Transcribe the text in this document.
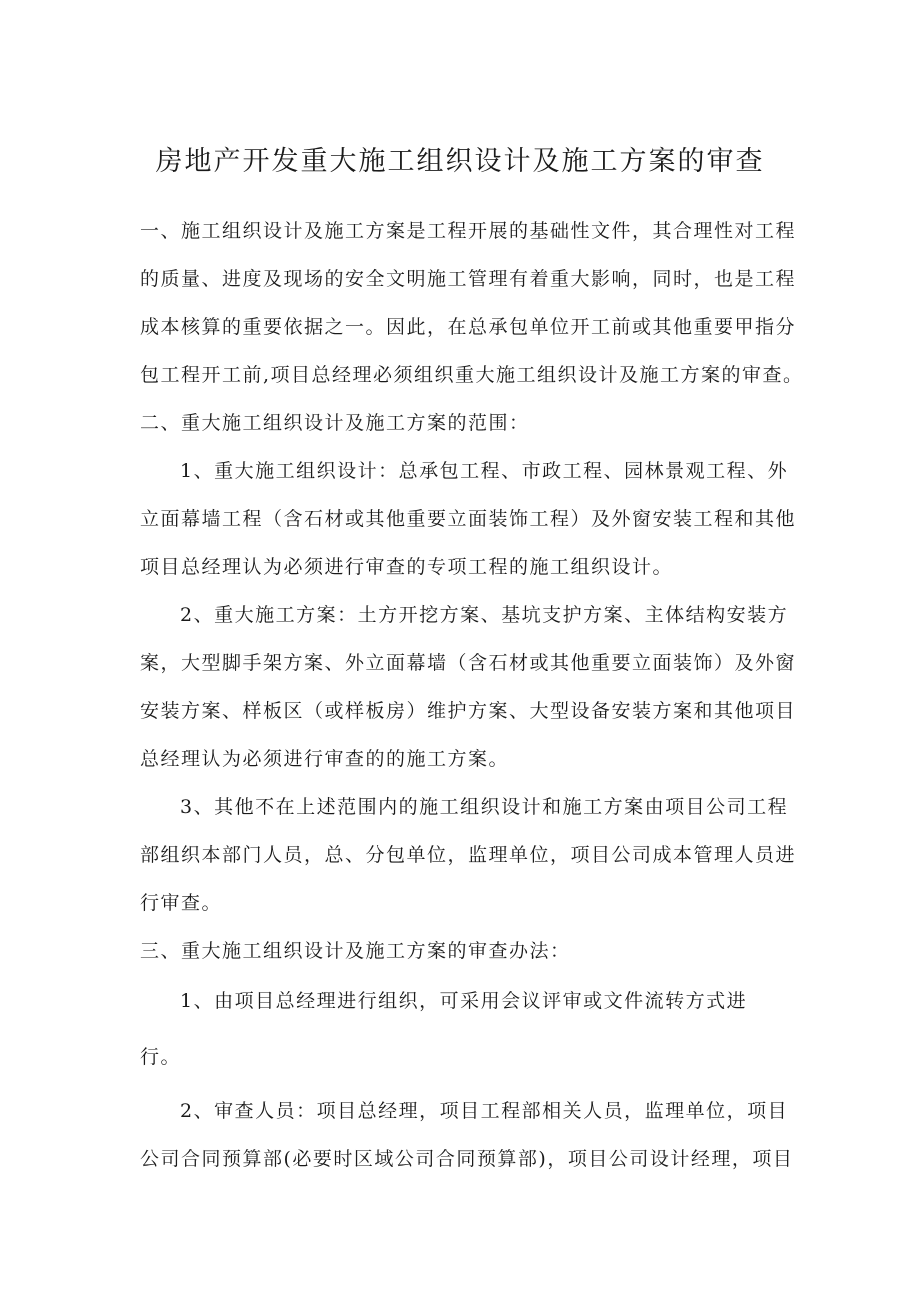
房地产开发重大施工组织设计及施工方案的审查
一、施工组织设计及施工方案是工程开展的基础性文件，其合理性对工程
的质量、进度及现场的安全文明施工管理有着重大影响，同时，也是工程
成本核算的重要依据之一。因此，在总承包单位开工前或其他重要甲指分
包工程开工前,项目总经理必须组织重大施工组织设计及施工方案的审查。
二、重大施工组织设计及施工方案的范围：
1、重大施工组织设计：总承包工程、市政工程、园林景观工程、外
立面幕墙工程（含石材或其他重要立面装饰工程）及外窗安装工程和其他
项目总经理认为必须进行审查的专项工程的施工组织设计。
2、重大施工方案：土方开挖方案、基坑支护方案、主体结构安装方
案，大型脚手架方案、外立面幕墙（含石材或其他重要立面装饰）及外窗
安装方案、样板区（或样板房）维护方案、大型设备安装方案和其他项目
总经理认为必须进行审查的的施工方案。
3、其他不在上述范围内的施工组织设计和施工方案由项目公司工程
部组织本部门人员，总、分包单位，监理单位，项目公司成本管理人员进
行审查。
三、重大施工组织设计及施工方案的审查办法：
1、由项目总经理进行组织，可采用会议评审或文件流转方式进
行。
2、审查人员：项目总经理，项目工程部相关人员，监理单位，项目
公司合同预算部(必要时区域公司合同预算部)，项目公司设计经理，项目
